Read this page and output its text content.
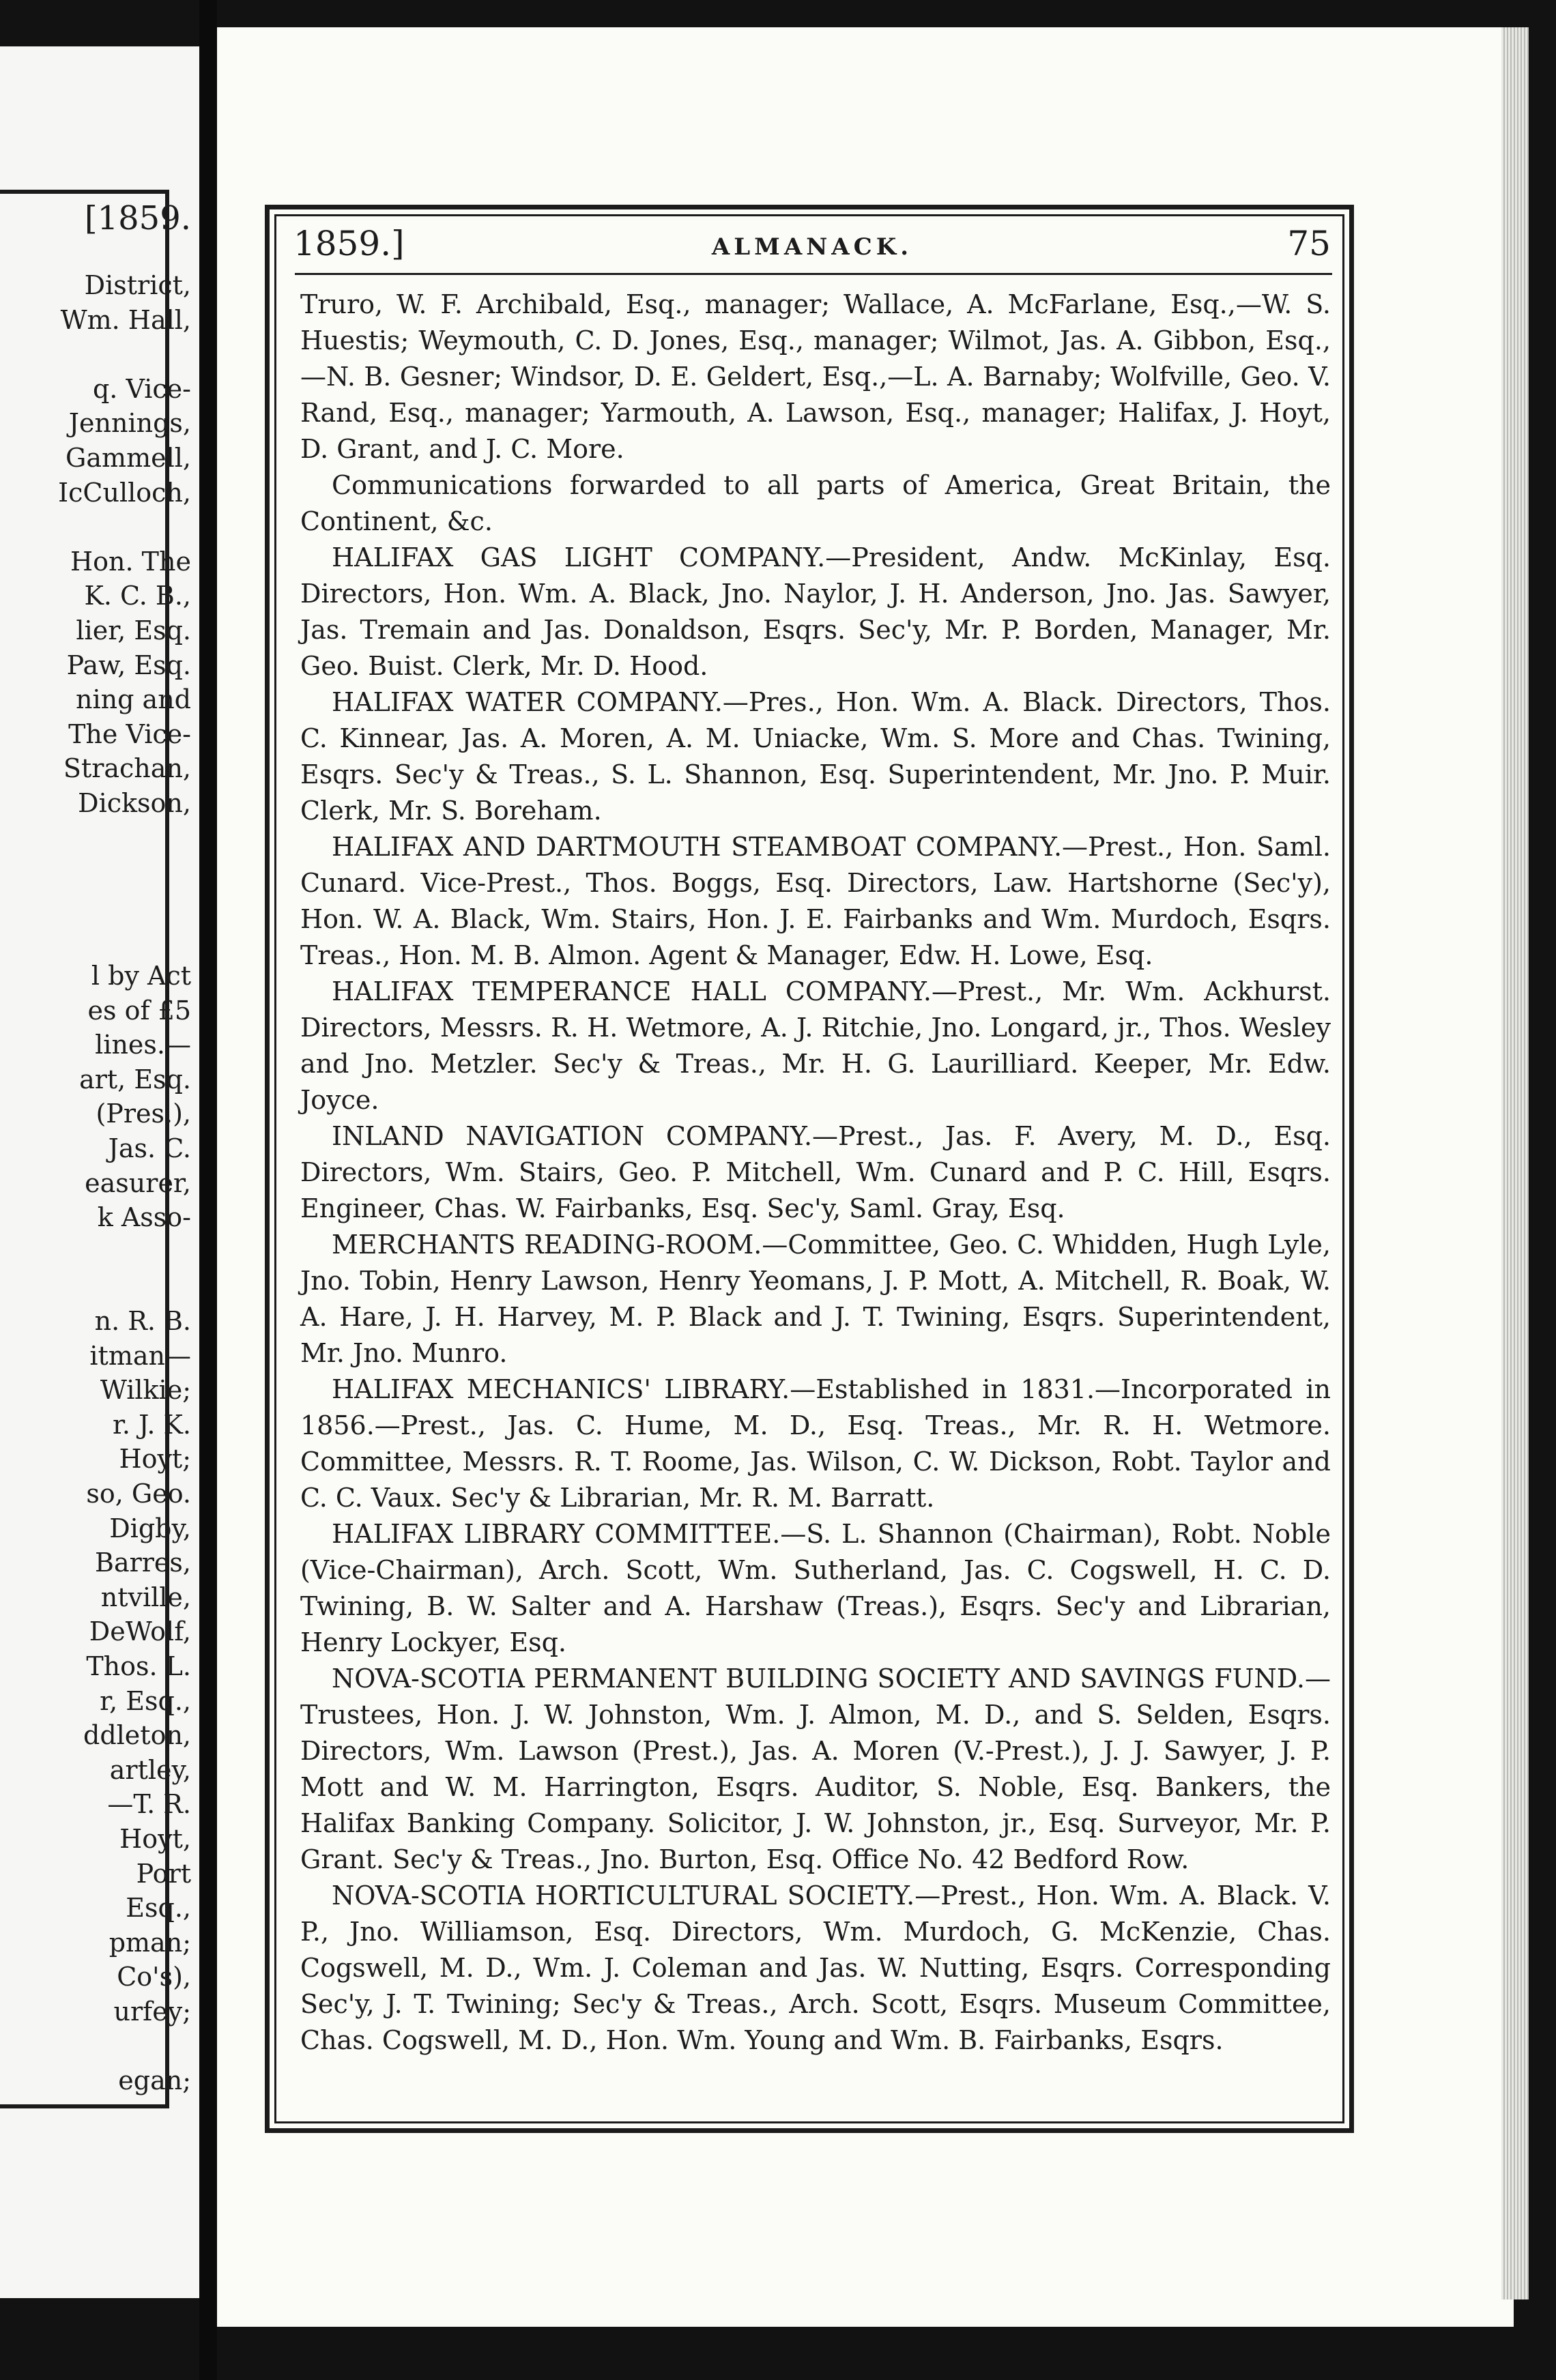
[1859.
District,
Wm. Hall,
q. Vice-
Jennings,
Gammell,
IcCulloch,
Hon. The
K. C. B.,
lier, Esq.
Paw, Esq.
ning and
The Vice-
Strachan,
Dickson,
l by Act
es of £5
lines.—
art, Esq.
(Pres.),
Jas. C.
easurer,
k Asso-
n. R. B.
itman—
Wilkie;
r. J. K.
Hoyt;
so, Geo.
Digby,
Barres,
ntville,
DeWolf,
Thos. L.
r, Esq.,
ddleton,
artley,
—T. R.
Hoyt,
Port
Esq.,
pman;
Co's),
urfey;
egan;
1859.]	ALMANACK.	75

Truro, W. F. Archibald, Esq., manager; Wallace, A. McFarlane, Esq.,—W. S. Huestis; Weymouth, C. D. Jones, Esq., manager; Wilmot, Jas. A. Gibbon, Esq.,—N. B. Gesner; Windsor, D. E. Geldert, Esq.,—L. A. Barnaby; Wolfville, Geo. V. Rand, Esq., manager; Yarmouth, A. Lawson, Esq., manager; Halifax, J. Hoyt, D. Grant, and J. C. More.

Communications forwarded to all parts of America, Great Britain, the Continent, &c.

HALIFAX GAS LIGHT COMPANY.—President, Andw. McKinlay, Esq. Directors, Hon. Wm. A. Black, Jno. Naylor, J. H. Anderson, Jno. Jas. Sawyer, Jas. Tremain and Jas. Donaldson, Esqrs. Sec'y, Mr. P. Borden, Manager, Mr. Geo. Buist. Clerk, Mr. D. Hood.

HALIFAX WATER COMPANY.—Pres., Hon. Wm. A. Black. Directors, Thos. C. Kinnear, Jas. A. Moren, A. M. Uniacke, Wm. S. More and Chas. Twining, Esqrs. Sec'y & Treas., S. L. Shannon, Esq. Superintendent, Mr. Jno. P. Muir. Clerk, Mr. S. Boreham.

HALIFAX AND DARTMOUTH STEAMBOAT COMPANY.—Prest., Hon. Saml. Cunard. Vice-Prest., Thos. Boggs, Esq. Directors, Law. Hartshorne (Sec'y), Hon. W. A. Black, Wm. Stairs, Hon. J. E. Fairbanks and Wm. Murdoch, Esqrs. Treas., Hon. M. B. Almon. Agent & Manager, Edw. H. Lowe, Esq.

HALIFAX TEMPERANCE HALL COMPANY.—Prest., Mr. Wm. Ackhurst. Directors, Messrs. R. H. Wetmore, A. J. Ritchie, Jno. Longard, jr., Thos. Wesley and Jno. Metzler. Sec'y & Treas., Mr. H. G. Laurilliard. Keeper, Mr. Edw. Joyce.

INLAND NAVIGATION COMPANY.—Prest., Jas. F. Avery, M. D., Esq. Directors, Wm. Stairs, Geo. P. Mitchell, Wm. Cunard and P. C. Hill, Esqrs. Engineer, Chas. W. Fairbanks, Esq. Sec'y, Saml. Gray, Esq.

MERCHANTS READING-ROOM.—Committee, Geo. C. Whidden, Hugh Lyle, Jno. Tobin, Henry Lawson, Henry Yeomans, J. P. Mott, A. Mitchell, R. Boak, W. A. Hare, J. H. Harvey, M. P. Black and J. T. Twining, Esqrs. Superintendent, Mr. Jno. Munro.

HALIFAX MECHANICS' LIBRARY.—Established in 1831.—Incorporated in 1856.—Prest., Jas. C. Hume, M. D., Esq. Treas., Mr. R. H. Wetmore. Committee, Messrs. R. T. Roome, Jas. Wilson, C. W. Dickson, Robt. Taylor and C. C. Vaux. Sec'y & Librarian, Mr. R. M. Barratt.

HALIFAX LIBRARY COMMITTEE.—S. L. Shannon (Chairman), Robt. Noble (Vice-Chairman), Arch. Scott, Wm. Sutherland, Jas. C. Cogswell, H. C. D. Twining, B. W. Salter and A. Harshaw (Treas.), Esqrs. Sec'y and Librarian, Henry Lockyer, Esq.

NOVA-SCOTIA PERMANENT BUILDING SOCIETY AND SAVINGS FUND.—Trustees, Hon. J. W. Johnston, Wm. J. Almon, M. D., and S. Selden, Esqrs. Directors, Wm. Lawson (Prest.), Jas. A. Moren (V.-Prest.), J. J. Sawyer, J. P. Mott and W. M. Harrington, Esqrs. Auditor, S. Noble, Esq. Bankers, the Halifax Banking Company. Solicitor, J. W. Johnston, jr., Esq. Surveyor, Mr. P. Grant. Sec'y & Treas., Jno. Burton, Esq. Office No. 42 Bedford Row.

NOVA-SCOTIA HORTICULTURAL SOCIETY.—Prest., Hon. Wm. A. Black. V. P., Jno. Williamson, Esq. Directors, Wm. Murdoch, G. McKenzie, Chas. Cogswell, M. D., Wm. J. Coleman and Jas. W. Nutting, Esqrs. Corresponding Sec'y, J. T. Twining; Sec'y & Treas., Arch. Scott, Esqrs. Museum Committee, Chas. Cogswell, M. D., Hon. Wm. Young and Wm. B. Fairbanks, Esqrs.
